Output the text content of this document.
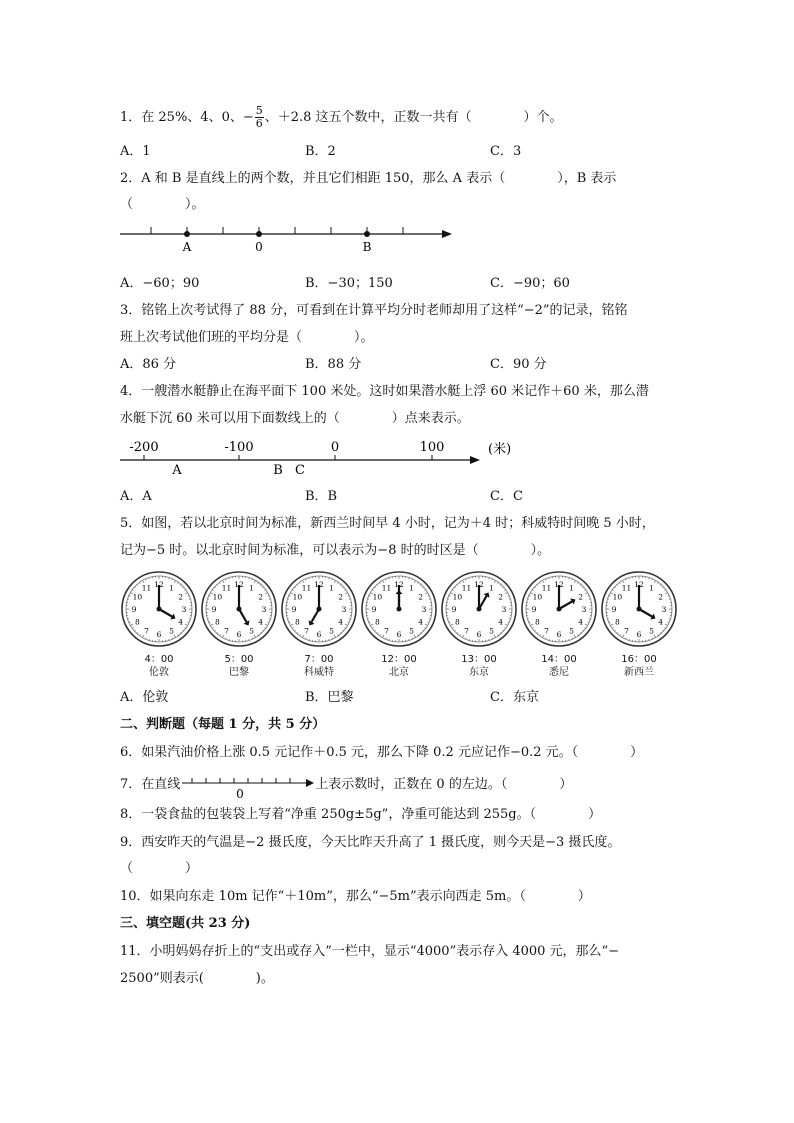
1．在 25%、4、0、− $\frac{5}{6}$ 、＋2.8 这五个数中，正数一共有（　　　　）个。
A．1	B．2	C．3
2．A 和 B 是直线上的两个数，并且它们相距 150，那么 A 表示（　　　　），B 表示
（　　　　）。
A	0	B
A．−60；90	B．−30；150	C．−90；60
3．铭铭上次考试得了 88 分，可看到在计算平均分时老师却用了这样“−2”的记录，铭铭
班上次考试他们班的平均分是（　　　　）。
A．86 分	B．88 分	C．90 分
4．一艘潜水艇静止在海平面下 100 米处。这时如果潜水艇上浮 60 米记作＋60 米，那么潜
水艇下沉 60 米可以用下面数线上的（　　　　）点来表示。
-200	-100	0	100	(米)
A	B C
A．A	B．B	C．C
5．如图，若以北京时间为标准，新西兰时间早 4 小时，记为＋4 时；科威特时间晚 5 小时，
记为−5 时。以北京时间为标准，可以表示为−8 时的时区是（　　　　）。
1
2
3
4
5
6
7
8
9
10
11 12
4：00
伦敦
1
2
3
4
5
6
7
8
9
10
11 12
5：00
巴黎
1
2
3
4
5
6
7
8
9
10
11 12
7：00
科威特
1
2
3
4
5
6
7
8
9
10
11 12
12：00
北京
1
2
3
4
5
6
7
8
9
10
11 12
13：00
东京
1
2
3
4
5
6
7
8
9
10
11 12
14：00
悉尼
1
2
3
4
5
6
7
8
9
10
11 12
16：00
新西兰
A．伦敦	B．巴黎	C．东京
二、判断题（每题 1 分，共 5 分）
6．如果汽油价格上涨 0.5 元记作＋0.5 元，那么下降 0.2 元应记作−0.2 元。（　　　　）
7．在直线
0
上表示数时，正数在 0 的左边。（　　　　）
8．一袋食盐的包装袋上写着“净重 250g±5g”，净重可能达到 255g。（　　　　）
9．西安昨天的气温是−2 摄氏度，今天比昨天升高了 1 摄氏度，则今天是−3 摄氏度。
（　　　　）
10．如果向东走 10m 记作“＋10m”，那么“−5m”表示向西走 5m。（　　　　）
三、填空题(共 23 分)
11．小明妈妈存折上的“支出或存入”一栏中，显示“4000”表示存入 4000 元，那么“−
2500”则表示(　　　　)。
